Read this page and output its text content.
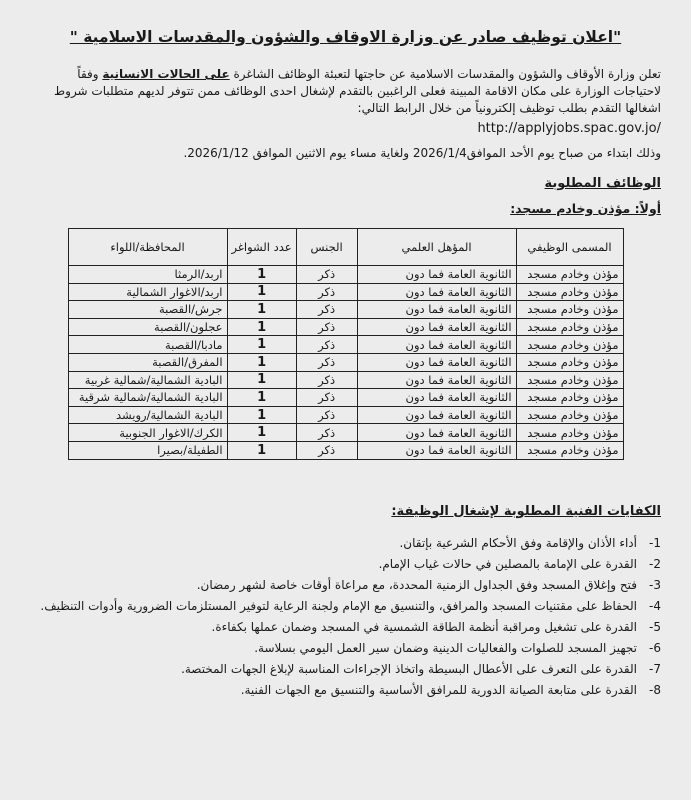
"اعلان توظيف صادر عن وزارة الاوقاف والشؤون والمقدسات الاسلامية "
تعلن وزارة الأوقاف والشؤون والمقدسات الاسلامية عن حاجتها لتعبئة الوظائف الشاغرة على الحالات الانسانية وفقاً لاحتياجات الوزارة على مكان الاقامة المبينة فعلى الراغبين بالتقدم لإشغال احدى الوظائف ممن تتوفر لديهم متطلبات شروط اشغالها التقدم بطلب توظيف إلكترونياً من خلال الرابط التالي:
http://applyjobs.spac.gov.jo/
وذلك ابتداء من صباح يوم الأحد الموافق2026/1/4 ولغاية مساء يوم الاثنين الموافق 2026/1/12.
الوظائف المطلوبة
أولاً: مؤذن وخادم مسجد:
المسمى الوظيفي	المؤهل العلمي	الجنس	عدد الشواغر	المحافظة/اللواء
مؤذن وخادم مسجد	الثانوية العامة فما دون	ذكر	1	اربد/الرمثا
مؤذن وخادم مسجد	الثانوية العامة فما دون	ذكر	1	اربد/الاغوار الشمالية
مؤذن وخادم مسجد	الثانوية العامة فما دون	ذكر	1	جرش/القصبة
مؤذن وخادم مسجد	الثانوية العامة فما دون	ذكر	1	عجلون/القصبة
مؤذن وخادم مسجد	الثانوية العامة فما دون	ذكر	1	مادبا/القصبة
مؤذن وخادم مسجد	الثانوية العامة فما دون	ذكر	1	المفرق/القصبة
مؤذن وخادم مسجد	الثانوية العامة فما دون	ذكر	1	البادية الشمالية/شمالية غربية
مؤذن وخادم مسجد	الثانوية العامة فما دون	ذكر	1	البادية الشمالية/شمالية شرقية
مؤذن وخادم مسجد	الثانوية العامة فما دون	ذكر	1	البادية الشمالية/رويشد
مؤذن وخادم مسجد	الثانوية العامة فما دون	ذكر	1	الكرك/الاغوار الجنوبية
مؤذن وخادم مسجد	الثانوية العامة فما دون	ذكر	1	الطفيلة/بصيرا
الكفايات الفنية المطلوبة لإشغال الوظيفة:
1-
أداء الأذان والإقامة وفق الأحكام الشرعية بإتقان.
2-
القدرة على الإمامة بالمصلين في حالات غياب الإمام.
3-
فتح وإغلاق المسجد وفق الجداول الزمنية المحددة، مع مراعاة أوقات خاصة لشهر رمضان.
4-
الحفاظ على مقتنيات المسجد والمرافق، والتنسيق مع الإمام ولجنة الرعاية لتوفير المستلزمات الضرورية وأدوات التنظيف.
5-
القدرة على تشغيل ومراقبة أنظمة الطاقة الشمسية في المسجد وضمان عملها بكفاءة.
6-
تجهيز المسجد للصلوات والفعاليات الدينية وضمان سير العمل اليومي بسلاسة.
7-
القدرة على التعرف على الأعطال البسيطة واتخاذ الإجراءات المناسبة لإبلاغ الجهات المختصة.
8-
القدرة على متابعة الصيانة الدورية للمرافق الأساسية والتنسيق مع الجهات الفنية.
